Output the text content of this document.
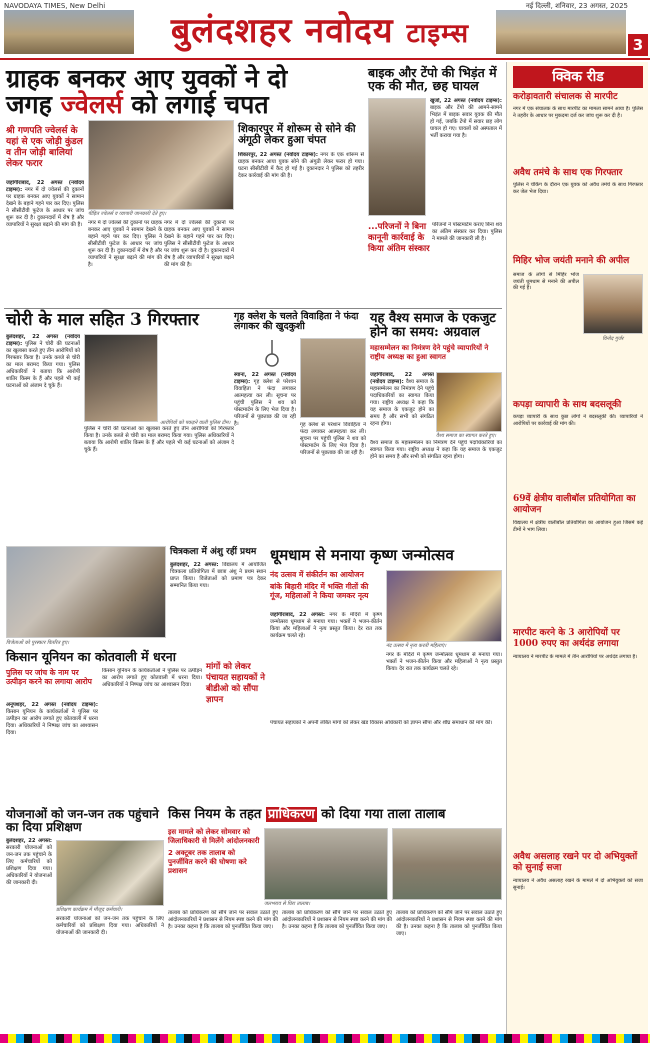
NAVODAYA TIMES, New Delhi	नई दिल्ली, शनिवार, 23 अगस्त, 2025
बुलंदशहर नवोदय टाइम्स	3
ग्राहक बनकर आए युवकों ने दो
जगह ज्वेलर्स को लगाई चपत
श्री गणपति ज्वेलर्स के यहां से एक जोड़ी कुंडल व तीन जोड़ी बालियां लेकर फरार
जहांगीराबाद, 22 अगस्त (नवोदय टाइम्स): नगर में दो ज्वेलर्स की दुकानों पर ग्राहक बनकर आए युवकों ने सामान देखने के बहाने गहने पार कर दिए। पुलिस ने सीसीटीवी फुटेज के आधार पर जांच शुरू कर दी है। दुकानदारों में रोष है और व्यापारियों ने सुरक्षा बढ़ाने की मांग की है।
पीड़ित ज्वेलर्स व व्यापारी जानकारी देते हुए।
नगर में दो ज्वेलर्स की दुकानों पर ग्राहक बनकर आए युवकों ने सामान देखने के बहाने गहने पार कर दिए। पुलिस ने सीसीटीवी फुटेज के आधार पर जांच शुरू कर दी है। दुकानदारों में रोष है और व्यापारियों ने सुरक्षा बढ़ाने की मांग की है।
नगर में दो ज्वेलर्स की दुकानों पर ग्राहक बनकर आए युवकों ने सामान देखने के बहाने गहने पार कर दिए। पुलिस ने सीसीटीवी फुटेज के आधार पर जांच शुरू कर दी है। दुकानदारों में रोष है और व्यापारियों ने सुरक्षा बढ़ाने की मांग की है।
शिकारपुर में शोरूम से सोने की अंगूठी लेकर हुआ चंपत
शिकारपुर, 22 अगस्त (नवोदय टाइम्स): नगर के एक शोरूम से ग्राहक बनकर आया युवक सोने की अंगूठी लेकर फरार हो गया। घटना सीसीटीवी में कैद हो गई है। दुकानदार ने पुलिस को तहरीर देकर कार्रवाई की मांग की है।
बाइक और टेंपो की भिड़ंत में एक की मौत, छह घायल
खुर्जा, 22 अगस्त (नवोदय टाइम्स): बाइक और टेंपो की आमने-सामने भिड़ंत में बाइक सवार युवक की मौत हो गई, जबकि टेंपो में सवार छह लोग घायल हो गए। घायलों को अस्पताल में भर्ती कराया गया है।
...परिजनों ने बिना कानूनी कार्रवाई के किया अंतिम संस्कार
परिजनों ने पोस्टमार्टम कराए बिना शव का अंतिम संस्कार कर दिया। पुलिस ने मामले की जानकारी ली है।
चोरी के माल सहित 3 गिरफ्तार
बुलंदशहर, 22 अगस्त (नवोदय टाइम्स): पुलिस ने चोरी की घटनाओं का खुलासा करते हुए तीन आरोपियों को गिरफ्तार किया है। उनके कब्जे से चोरी का माल बरामद किया गया। पुलिस अधिकारियों ने बताया कि आरोपी शातिर किस्म के हैं और पहले भी कई घटनाओं को अंजाम दे चुके हैं।
आरोपियों को पकड़ने वाली पुलिस टीम।
पुलिस ने चोरी की घटनाओं का खुलासा करते हुए तीन आरोपियों को गिरफ्तार किया है। उनके कब्जे से चोरी का माल बरामद किया गया। पुलिस अधिकारियों ने बताया कि आरोपी शातिर किस्म के हैं और पहले भी कई घटनाओं को अंजाम दे चुके हैं।
गृह क्लेश के चलते विवाहिता ने फंदा लगाकर की खुदकुशी
स्याना, 22 अगस्त (नवोदय टाइम्स): गृह क्लेश से परेशान विवाहिता ने फंदा लगाकर आत्महत्या कर ली। सूचना पर पहुंची पुलिस ने शव को पोस्टमार्टम के लिए भेज दिया है। परिजनों से पूछताछ की जा रही है।	गृह क्लेश से परेशान विवाहिता ने फंदा लगाकर आत्महत्या कर ली। सूचना पर पहुंची पुलिस ने शव को पोस्टमार्टम के लिए भेज दिया है। परिजनों से पूछताछ की जा रही है।
यह वैश्य समाज के एकजुट होने का समय: अग्रवाल
महासम्मेलन का निमंत्रण देने पहुंचे व्यापारियों ने राष्ट्रीय अध्यक्ष का हुआ स्वागत
जहांगीराबाद, 22 अगस्त (नवोदय टाइम्स): वैश्य समाज के महासम्मेलन का निमंत्रण देने पहुंचे पदाधिकारियों का स्वागत किया गया। राष्ट्रीय अध्यक्ष ने कहा कि यह समाज के एकजुट होने का समय है और सभी को संगठित रहना होगा।
वैश्य समाज का स्वागत करते हुए।
वैश्य समाज के महासम्मेलन का निमंत्रण देने पहुंचे पदाधिकारियों का स्वागत किया गया। राष्ट्रीय अध्यक्ष ने कहा कि यह समाज के एकजुट होने का समय है और सभी को संगठित रहना होगा।
विजेताओं को पुरस्कार वितरित हुए।
चित्रकला में अंशु रहीं प्रथम
बुलंदशहर, 22 अगस्त: विद्यालय में आयोजित चित्रकला प्रतियोगिता में छात्रा अंशु ने प्रथम स्थान प्राप्त किया। विजेताओं को प्रमाण पत्र देकर सम्मानित किया गया।
धूमधाम से मनाया कृष्ण जन्मोत्सव
नंद उत्सव में संकीर्तन का आयोजन
बांके बिहारी मंदिर में भक्ति गीतों की गूंज, महिलाओं ने किया जमकर नृत्य
नंद उत्सव में नृत्य करती महिलाएं।
जहांगीराबाद, 22 अगस्त: नगर के मंदिरों में कृष्ण जन्मोत्सव धूमधाम से मनाया गया। भक्तों ने भजन-कीर्तन किया और महिलाओं ने नृत्य प्रस्तुत किया। देर रात तक कार्यक्रम चलते रहे।
नगर के मंदिरों में कृष्ण जन्मोत्सव धूमधाम से मनाया गया। भक्तों ने भजन-कीर्तन किया और महिलाओं ने नृत्य प्रस्तुत किया। देर रात तक कार्यक्रम चलते रहे।
किसान यूनियन का कोतवाली में धरना
पुलिस पर जांच के नाम पर उत्पीड़न करने का लगाया आरोप
अनूपशहर, 22 अगस्त (नवोदय टाइम्स): किसान यूनियन के कार्यकर्ताओं ने पुलिस पर उत्पीड़न का आरोप लगाते हुए कोतवाली में धरना दिया। अधिकारियों ने निष्पक्ष जांच का आश्वासन दिया।
किसान यूनियन के कार्यकर्ताओं ने पुलिस पर उत्पीड़न का आरोप लगाते हुए कोतवाली में धरना दिया। अधिकारियों ने निष्पक्ष जांच का आश्वासन दिया।
मांगों को लेकर पंचायत सहायकों ने बीडीओ को सौंपा ज्ञापन
पंचायत सहायकों ने अपनी लंबित मांगों को लेकर खंड विकास अधिकारी को ज्ञापन सौंपा और शीघ्र समाधान की मांग की।
योजनाओं को जन-जन तक पहुंचाने का दिया प्रशिक्षण
बुलंदशहर, 22 अगस्त: सरकारी योजनाओं को जन-जन तक पहुंचाने के लिए कर्मचारियों को प्रशिक्षण दिया गया। अधिकारियों ने योजनाओं की जानकारी दी।
प्रशिक्षण कार्यक्रम में मौजूद कर्मचारी।
सरकारी योजनाओं को जन-जन तक पहुंचाने के लिए कर्मचारियों को प्रशिक्षण दिया गया। अधिकारियों ने योजनाओं की जानकारी दी।
किस नियम के तहत प्राधिकरण को दिया गया ताला तालाब
इस मामले को लेकर सोमवार को जिलाधिकारी से मिलेंगे आंदोलनकारी
2 अक्टूबर तक तालाब को पुनर्जीवित करने की घोषणा करे प्रशासन
जलभराव से घिरा तालाब।
तालाब को प्राधिकरण को सौंपे जाने पर सवाल उठाते हुए आंदोलनकारियों ने प्रशासन से नियम स्पष्ट करने की मांग की है। उनका कहना है कि तालाब को पुनर्जीवित किया जाए।
तालाब को प्राधिकरण को सौंपे जाने पर सवाल उठाते हुए आंदोलनकारियों ने प्रशासन से नियम स्पष्ट करने की मांग की है। उनका कहना है कि तालाब को पुनर्जीवित किया जाए।
तालाब को प्राधिकरण को सौंपे जाने पर सवाल उठाते हुए आंदोलनकारियों ने प्रशासन से नियम स्पष्ट करने की मांग की है। उनका कहना है कि तालाब को पुनर्जीवित किया जाए।
क्विक रीड
करोड़ावतारी संचालक से मारपीट
नगर में एक संचालक के साथ मारपीट का मामला सामने आया है। पुलिस ने तहरीर के आधार पर मुकदमा दर्ज कर जांच शुरू कर दी है।
अवैध तमंचे के साथ एक गिरफ्तार
पुलिस ने चेकिंग के दौरान एक युवक को अवैध तमंचे के साथ गिरफ्तार कर जेल भेज दिया।
मिहिर भोज जयंती मनाने की अपील
समाज के लोगों से मिहिर भोज जयंती धूमधाम से मनाने की अपील की गई है।
विनोद गुर्जर
कपड़ा व्यापारी के साथ बदसलूकी
कपड़ा व्यापारी के साथ कुछ लोगों ने बदसलूकी की। व्यापारियों ने आरोपियों पर कार्रवाई की मांग की।
69वें क्षेत्रीय वालीबॉल प्रतियोगिता का आयोजन
विद्यालय में क्षेत्रीय वालीबॉल प्रतियोगिता का आयोजन हुआ जिसमें कई टीमों ने भाग लिया।
मारपीट करने के 3 आरोपियों पर 1000 रुपए का अर्थदंड लगाया
न्यायालय ने मारपीट के मामले में तीन आरोपियों पर अर्थदंड लगाया है।
अवैध असलाह रखने पर दो अभियुक्तों को सुनाई सजा
न्यायालय ने अवैध असलाह रखने के मामले में दो अभियुक्तों को सजा सुनाई।
